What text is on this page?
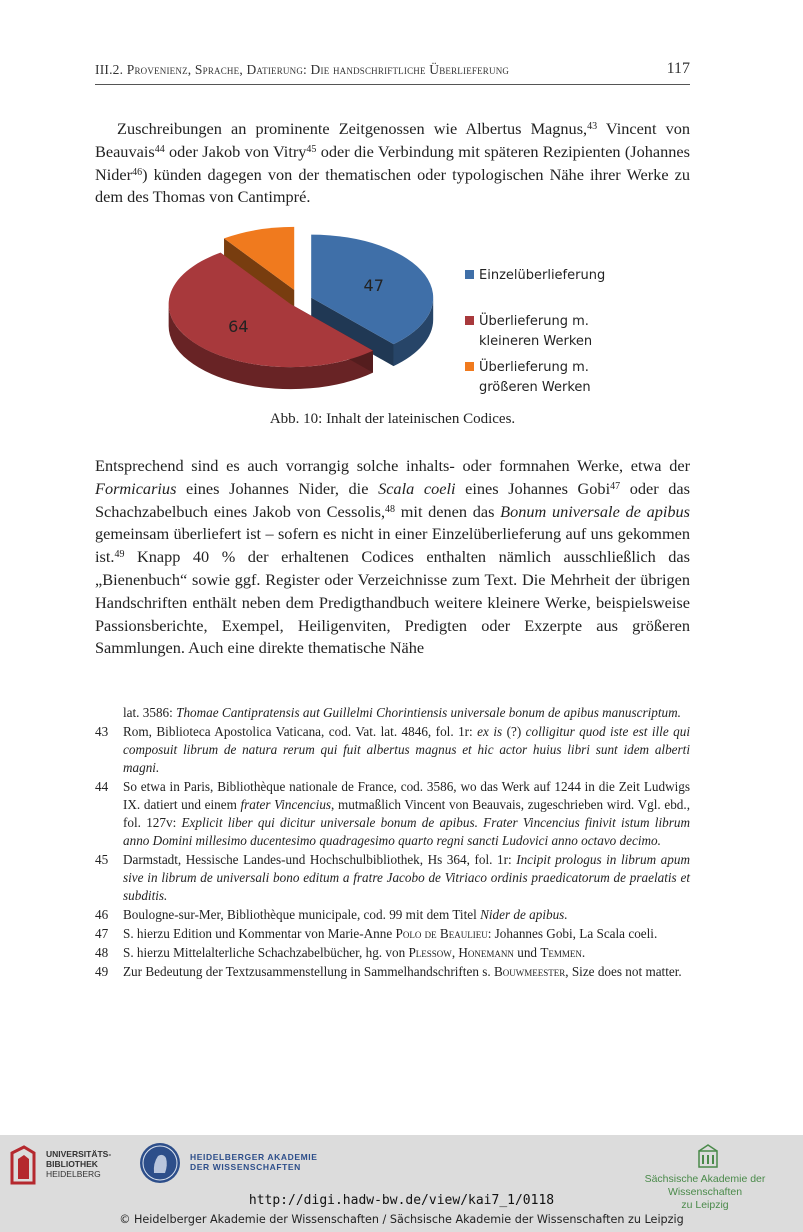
III.2. Provenienz, Sprache, Datierung: Die handschriftliche Überlieferung	117

Zuschreibungen an prominente Zeitgenossen wie Albertus Magnus,$^{43}$ Vincent von Beauvais$^{44}$ oder Jakob von Vitry$^{45}$ oder die Verbindung mit späteren Rezipienten (Johannes Nider$^{46}$) künden dagegen von der thematischen oder typologischen Nähe ihrer Werke zu dem des Thomas von Cantimpré.

47
64
Einzelüberlieferung
Überlieferung m.
kleineren Werken
Überlieferung m.
größeren Werken
Abb. 10: Inhalt der lateinischen Codices.

Entsprechend sind es auch vorrangig solche inhalts- oder formnahen Werke, etwa der Formicarius eines Johannes Nider, die Scala coeli eines Johannes Gobi$^{47}$ oder das Schachzabelbuch eines Jakob von Cessolis,$^{48}$ mit denen das Bonum universale de apibus gemeinsam überliefert ist – sofern es nicht in einer Einzelüberlieferung auf uns gekommen ist.$^{49}$ Knapp 40 % der erhaltenen Codices enthalten nämlich ausschließlich das „Bienenbuch“ sowie ggf. Register oder Verzeichnisse zum Text. Die Mehrheit der übrigen Handschriften enthält neben dem Predigthandbuch weitere kleinere Werke, beispielsweise Passionsberichte, Exempel, Heiligenviten, Predigten oder Exzerpte aus größeren Sammlungen. Auch eine direkte thematische Nähe

lat. 3586: Thomae Cantipratensis aut Guillelmi Chorintiensis universale bonum de apibus manuscriptum.
43 Rom, Biblioteca Apostolica Vaticana, cod. Vat. lat. 4846, fol. 1r: ex is (?) colligitur quod iste est ille qui composuit librum de natura rerum qui fuit albertus magnus et hic actor huius libri sunt idem alberti magni.
44 So etwa in Paris, Bibliothèque nationale de France, cod. 3586, wo das Werk auf 1244 in die Zeit Ludwigs IX. datiert und einem frater Vincencius, mutmaßlich Vincent von Beauvais, zugeschrieben wird. Vgl. ebd., fol. 127v: Explicit liber qui dicitur universale bonum de apibus. Frater Vincencius finivit istum librum anno Domini millesimo ducentesimo quadragesimo quarto regni sancti Ludovici anno octavo decimo.
45 Darmstadt, Hessische Landes-und Hochschulbibliothek, Hs 364, fol. 1r: Incipit prologus in librum apum sive in librum de universali bono editum a fratre Jacobo de Vitriaco ordinis praedicatorum de praelatis et subditis.
46 Boulogne-sur-Mer, Bibliothèque municipale, cod. 99 mit dem Titel Nider de apibus.
47 S. hierzu Edition und Kommentar von Marie-Anne Polo de Beaulieu: Johannes Gobi, La Scala coeli.
48 S. hierzu Mittelalterliche Schachzabelbücher, hg. von Plessow, Honemann und Temmen.
49 Zur Bedeutung der Textzusammenstellung in Sammelhandschriften s. Bouwmeester, Size does not matter.
UNIVERSITÄTS-
BIBLIOTHEK
HEIDELBERG
HEIDELBERGER AKADEMIE
DER WISSENSCHAFTEN
Sächsische Akademie der Wissenschaften
zu Leipzig
http://digi.hadw-bw.de/view/kai7_1/0118
© Heidelberger Akademie der Wissenschaften / Sächsische Akademie der Wissenschaften zu Leipzig
